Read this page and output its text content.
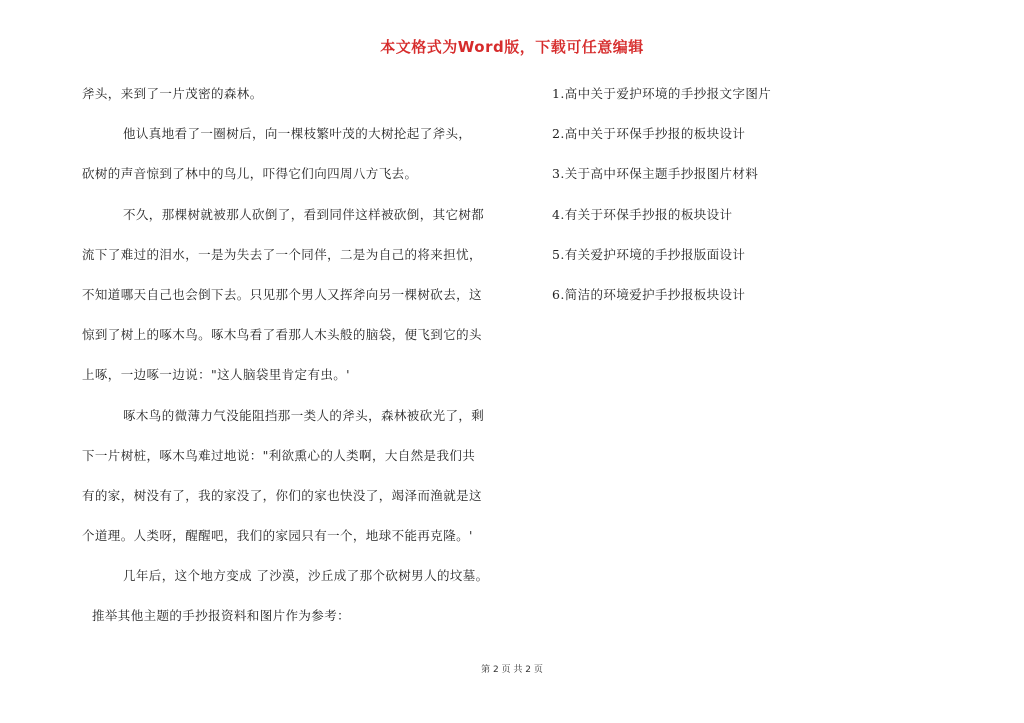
本文格式为Word版，下载可任意编辑
斧头，来到了一片茂密的森林。
他认真地看了一圈树后，向一棵枝繁叶茂的大树抡起了斧头，
砍树的声音惊到了林中的鸟儿，吓得它们向四周八方飞去。
不久，那棵树就被那人砍倒了，看到同伴这样被砍倒，其它树都
流下了难过的泪水，一是为失去了一个同伴，二是为自己的将来担忧，
不知道哪天自己也会倒下去。只见那个男人又挥斧向另一棵树砍去，这
惊到了树上的啄木鸟。啄木鸟看了看那人木头般的脑袋，便飞到它的头
上啄，一边啄一边说："这人脑袋里肯定有虫。'
啄木鸟的微薄力气没能阻挡那一类人的斧头，森林被砍光了，剩
下一片树桩，啄木鸟难过地说："利欲熏心的人类啊，大自然是我们共
有的家，树没有了，我的家没了，你们的家也快没了，竭泽而渔就是这
个道理。人类呀，醒醒吧，我们的家园只有一个，地球不能再克隆。'
几年后，这个地方变成 了沙漠，沙丘成了那个砍树男人的坟墓。
推举其他主题的手抄报资料和图片作为参考：
1.高中关于爱护环境的手抄报文字图片
2.高中关于环保手抄报的板块设计
3.关于高中环保主题手抄报图片材料
4.有关于环保手抄报的板块设计
5.有关爱护环境的手抄报版面设计
6.简洁的环境爱护手抄报板块设计
第 2 页 共 2 页
